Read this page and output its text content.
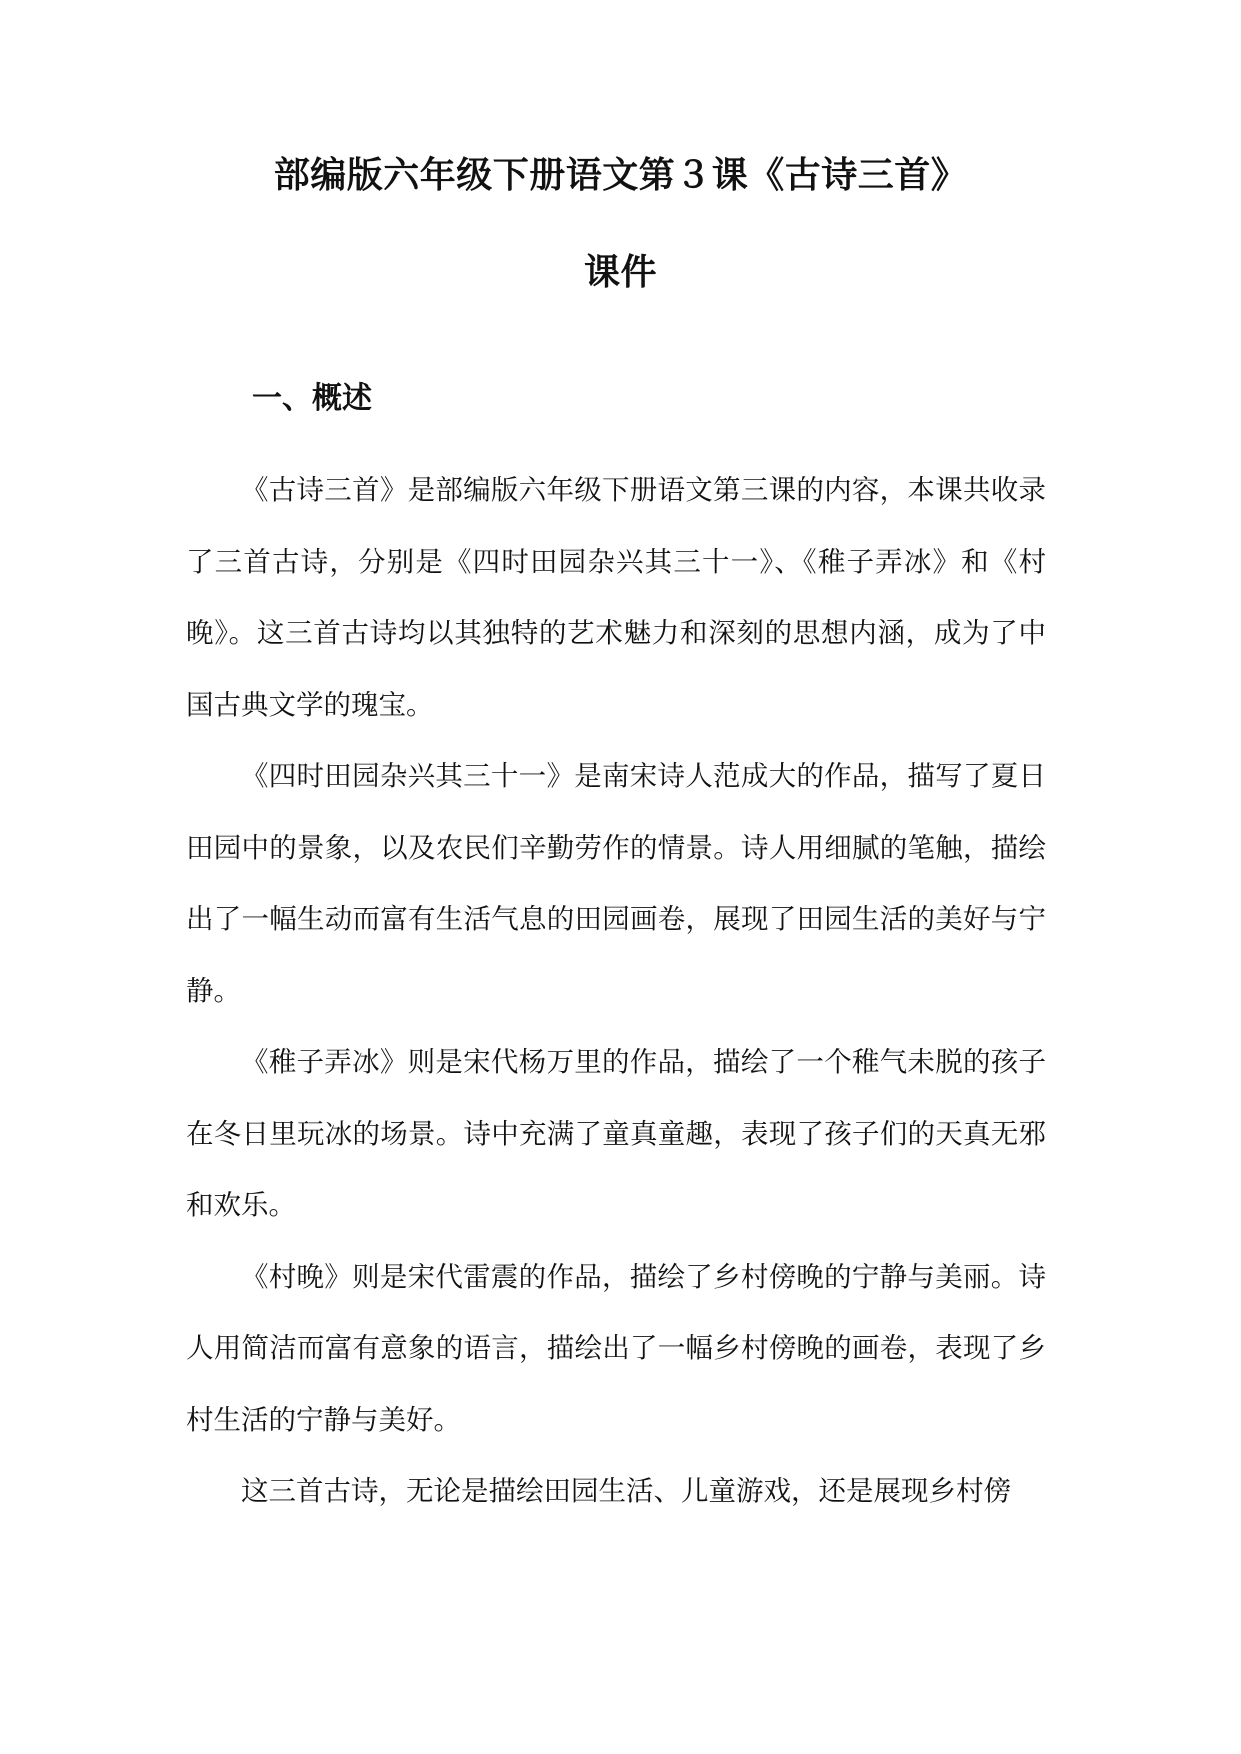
部编版六年级下册语文第３课《古诗三首》
课件
一、概述

《古诗三首》是部编版六年级下册语文第三课的内容，本课共收录了三首古诗，分别是《四时田园杂兴其三十一》、《稚子弄冰》和《村晚》。这三首古诗均以其独特的艺术魅力和深刻的思想内涵，成为了中国古典文学的瑰宝。

《四时田园杂兴其三十一》是南宋诗人范成大的作品，描写了夏日田园中的景象，以及农民们辛勤劳作的情景。诗人用细腻的笔触，描绘出了一幅生动而富有生活气息的田园画卷，展现了田园生活的美好与宁静。

《稚子弄冰》则是宋代杨万里的作品，描绘了一个稚气未脱的孩子在冬日里玩冰的场景。诗中充满了童真童趣，表现了孩子们的天真无邪和欢乐。

《村晚》则是宋代雷震的作品，描绘了乡村傍晚的宁静与美丽。诗人用简洁而富有意象的语言，描绘出了一幅乡村傍晚的画卷，表现了乡村生活的宁静与美好。

这三首古诗，无论是描绘田园生活、儿童游戏，还是展现乡村傍
